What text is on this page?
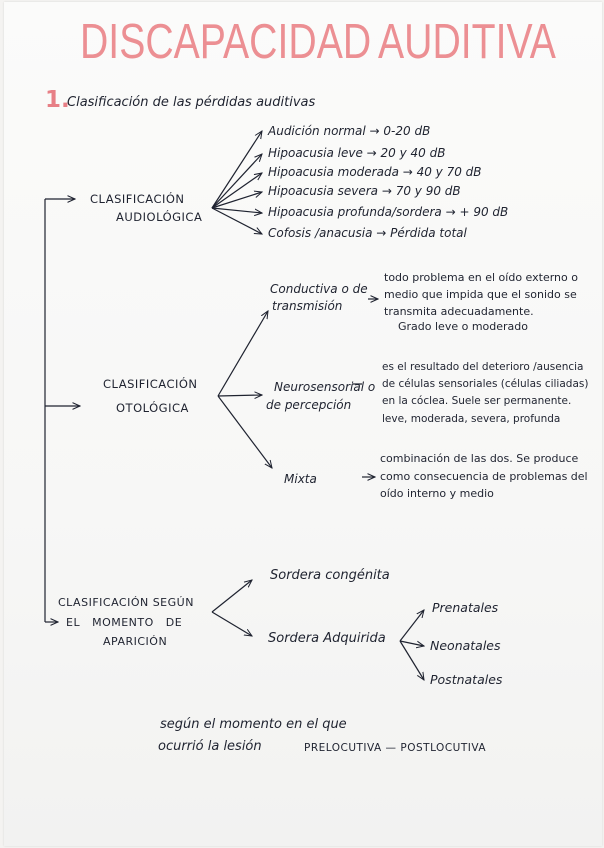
DISCAPACIDAD AUDITIVA
1.
Clasificación de las pérdidas auditivas
CLASIFICACIÓN
AUDIOLÓGICA
Audición normal → 0-20 dB
Hipoacusia leve → 20 y 40 dB
Hipoacusia moderada → 40 y 70 dB
Hipoacusia severa → 70 y 90 dB
Hipoacusia profunda/sordera → + 90 dB
Cofosis /anacusia → Pérdida total
CLASIFICACIÓN
OTOLÓGICA
Conductiva o de
transmisión
todo problema en el oído externo o
medio que impida que el sonido se
transmita adecuadamente.
Grado leve o moderado
Neurosensorial o
de percepción
es el resultado del deterioro /ausencia
de células sensoriales (células ciliadas)
en la cóclea. Suele ser permanente.
leve, moderada, severa, profunda
Mixta
combinación de las dos. Se produce
como consecuencia de problemas del
oído interno y medio
CLASIFICACIÓN SEGÚN
EL MOMENTO DE
APARICIÓN
Sordera congénita
Sordera Adquirida
Prenatales
Neonatales
Postnatales
según el momento en el que
ocurrió la lesión	PRELOCUTIVA — POSTLOCUTIVA
